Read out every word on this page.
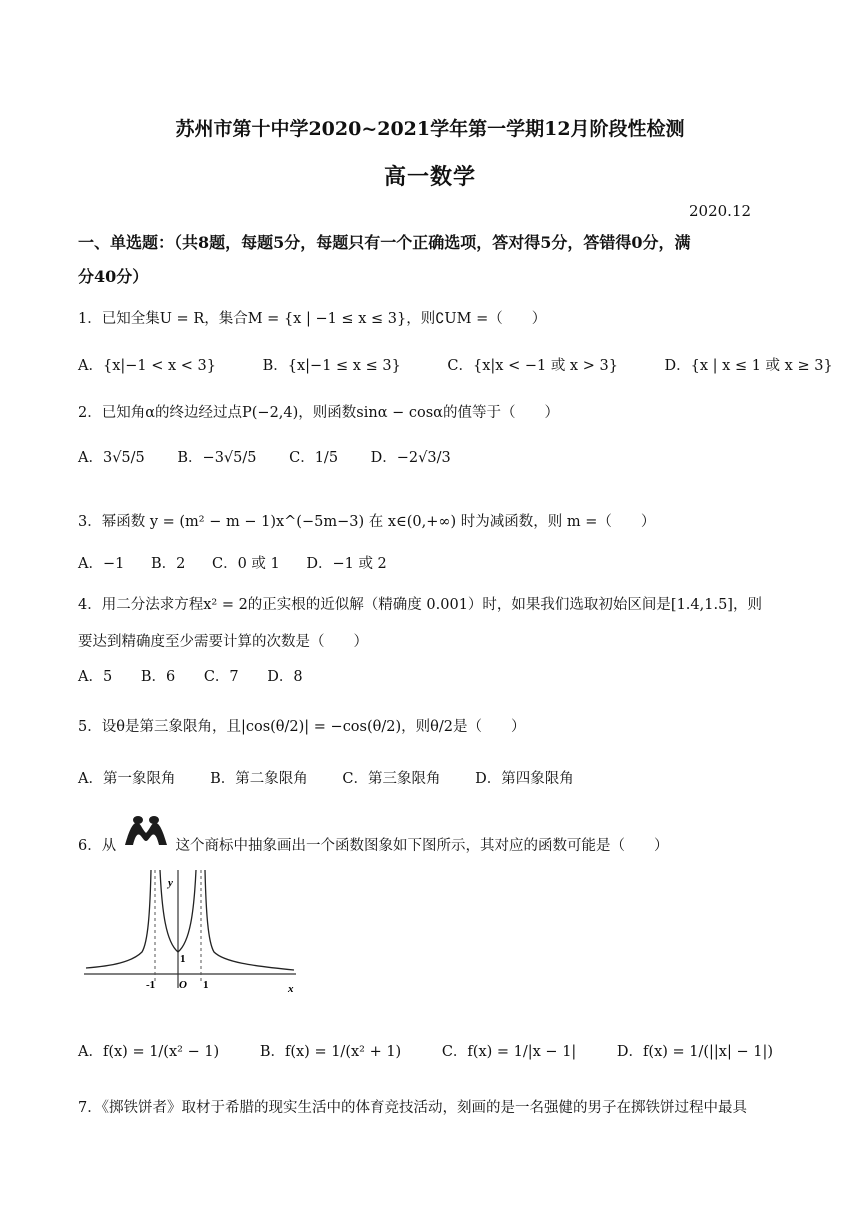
苏州市第十中学2020~2021学年第一学期12月阶段性检测
高一数学
2020.12
一、单选题：（共8题，每题5分，每题只有一个正确选项，答对得5分，答错得0分，满
分40分）
1．已知全集U = R，集合M = {x | −1 ≤ x ≤ 3}，则∁UM =（　　）
A．{x|−1 < x < 3}	B．{x|−1 ≤ x ≤ 3}	C．{x|x < −1 或 x > 3}	D．{x | x ≤ 1 或 x ≥ 3}
2．已知角α的终边经过点P(−2,4)，则函数sinα − cosα的值等于（　　）
A．3√5/5 B．−3√5/5 C．1/5 D．−2√3/3
3．幂函数 y = (m² − m − 1)x^(−5m−3) 在 x∈(0,+∞) 时为减函数，则 m =（　　）
A．−1 B．2 C．0 或 1 D．−1 或 2
4．用二分法求方程x² = 2的正实根的近似解（精确度 0.001）时，如果我们选取初始区间是[1.4,1.5]，则
要达到精确度至少需要计算的次数是（　　）
A．5 B．6 C．7 D．8
5．设θ是第三象限角，且|cos(θ/2)| = −cos(θ/2)，则θ/2是（　　）
A．第一象限角 B．第二象限角 C．第三象限角 D．第四象限角
6．从	这个商标中抽象画出一个函数图象如下图所示，其对应的函数可能是（　　）
y
1
-1 O 1	x
A．f(x) = 1/(x² − 1)	B．f(x) = 1/(x² + 1)	C．f(x) = 1/|x − 1|	D．f(x) = 1/(||x| − 1|)
7．《掷铁饼者》取材于希腊的现实生活中的体育竞技活动，刻画的是一名强健的男子在掷铁饼过程中最具
